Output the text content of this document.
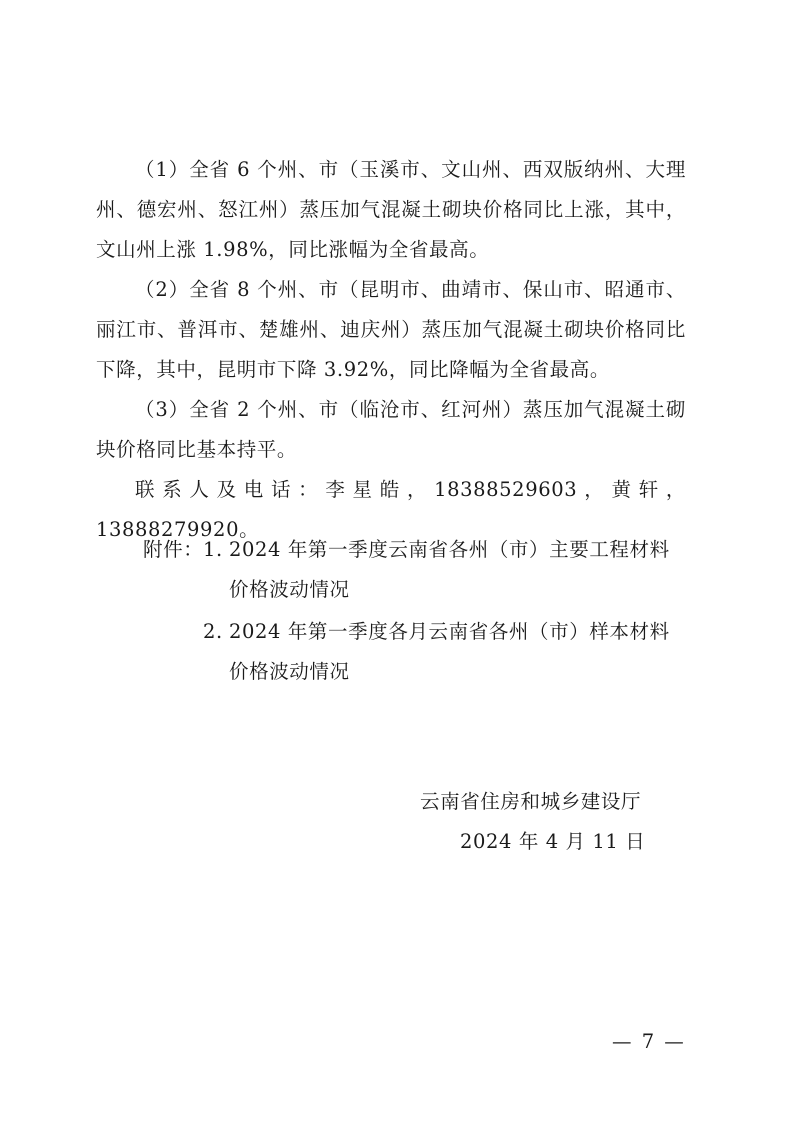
（1）全省 6 个州、市（玉溪市、文山州、西双版纳州、大理州、德宏州、怒江州）蒸压加气混凝土砌块价格同比上涨，其中，文山州上涨 1.98%，同比涨幅为全省最高。

（2）全省 8 个州、市（昆明市、曲靖市、保山市、昭通市、丽江市、普洱市、楚雄州、迪庆州）蒸压加气混凝土砌块价格同比下降，其中，昆明市下降 3.92%，同比降幅为全省最高。

（3）全省 2 个州、市（临沧市、红河州）蒸压加气混凝土砌块价格同比基本持平。

联系人及电话：李星皓，18388529603，黄轩，13888279920。

附件： 1. 2024 年第一季度云南省各州（市）主要工程材料价格波动情况
2. 2024 年第一季度各月云南省各州（市）样本材料价格波动情况
云南省住房和城乡建设厅
2024 年 4 月 11 日
— 7 —
